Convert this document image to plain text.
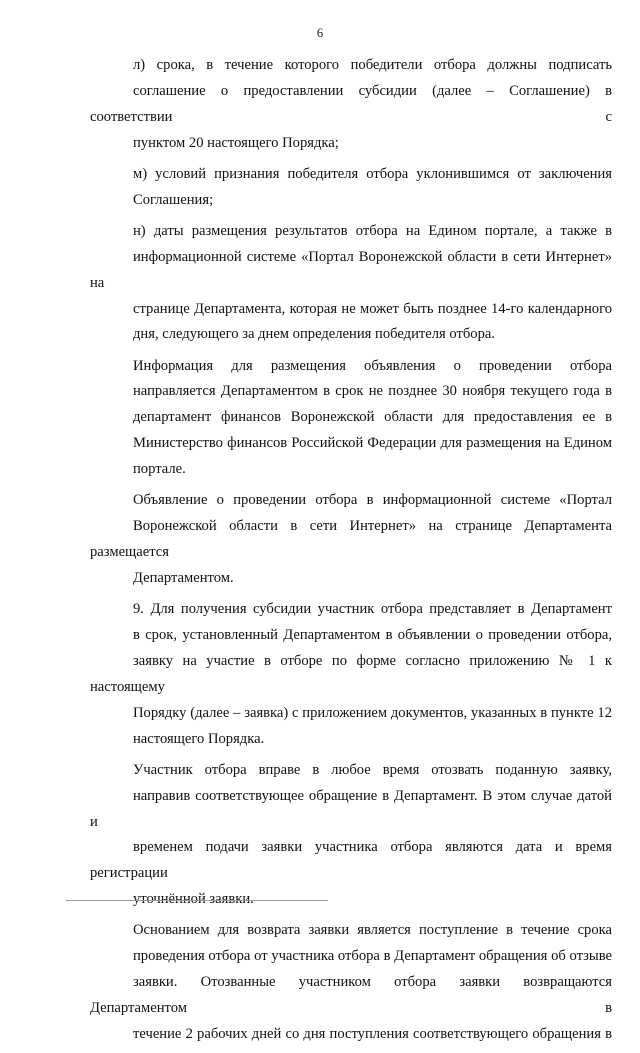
6

л) срока, в течение которого победители отбора должны подписать
соглашение о предоставлении субсидии (далее – Соглашение) в соответствии с
пунктом 20 настоящего Порядка;

м) условий признания победителя отбора уклонившимся от заключения
Соглашения;

н) даты размещения результатов отбора на Едином портале, а также в
информационной системе «Портал Воронежской области в сети Интернет» на
странице Департамента, которая не может быть позднее 14-го календарного
дня, следующего за днем определения победителя отбора.

Информация для размещения объявления о проведении отбора
направляется Департаментом в срок не позднее 30 ноября текущего года в
департамент финансов Воронежской области для предоставления ее в
Министерство финансов Российской Федерации для размещения на Едином
портале.

Объявление о проведении отбора в информационной системе «Портал
Воронежской области в сети Интернет» на странице Департамента размещается
Департаментом.

9. Для получения субсидии участник отбора представляет в Департамент
в срок, установленный Департаментом в объявлении о проведении отбора,
заявку на участие в отборе по форме согласно приложению № 1 к настоящему
Порядку (далее – заявка) с приложением документов, указанных в пункте 12
настоящего Порядка.

Участник отбора вправе в любое время отозвать поданную заявку,
направив соответствующее обращение в Департамент. В этом случае датой и
временем подачи заявки участника отбора являются дата и время регистрации
уточнённой заявки.

Основанием для возврата заявки является поступление в течение срока
проведения отбора от участника отбора в Департамент обращения об отзыве
заявки. Отозванные участником отбора заявки возвращаются Департаментом в
течение 2 рабочих дней со дня поступления соответствующего обращения в
